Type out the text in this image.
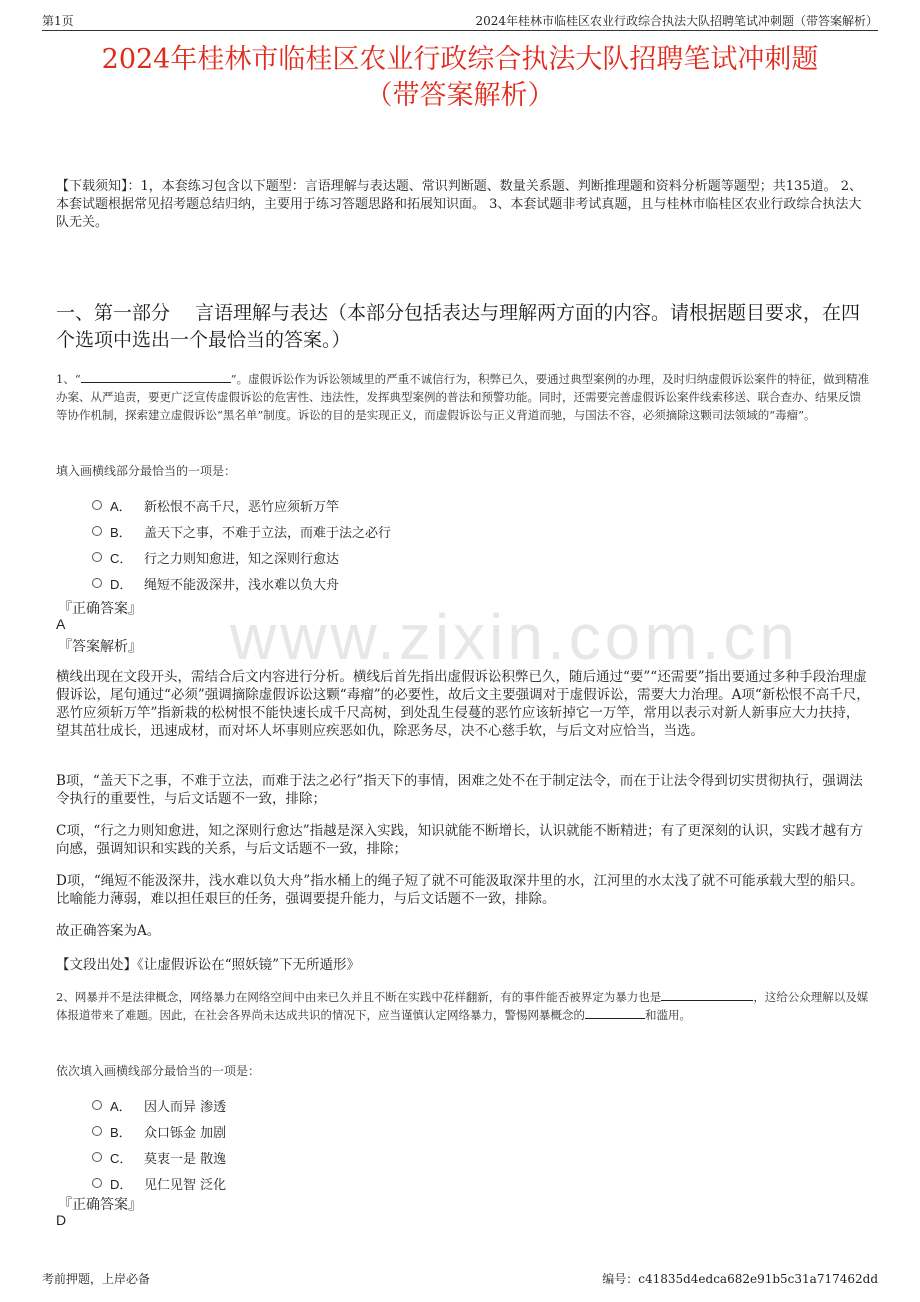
第1页	2024年桂林市临桂区农业行政综合执法大队招聘笔试冲刺题（带答案解析）
2024年桂林市临桂区农业行政综合执法大队招聘笔试冲刺题
（带答案解析）
【下载须知】：1，本套练习包含以下题型：言语理解与表达题、常识判断题、数量关系题、判断推理题和资料分析题等题型；共135道。 2、本套试题根据常见招考题总结归纳，主要用于练习答题思路和拓展知识面。 3、本套试题非考试真题，且与桂林市临桂区农业行政综合执法大队无关。
一、第一部分　 言语理解与表达（本部分包括表达与理解两方面的内容。请根据题目要求，在四个选项中选出一个最恰当的答案。）
1、“	”。虚假诉讼作为诉讼领域里的严重不诚信行为，积弊已久，要通过典型案例的办理，及时归纳虚假诉讼案件的特征，做到精准办案、从严追责，要更广泛宣传虚假诉讼的危害性、违法性，发挥典型案例的普法和预警功能。同时，还需要完善虚假诉讼案件线索移送、联合查办、结果反馈等协作机制，探索建立虚假诉讼“黑名单”制度。诉讼的目的是实现正义，而虚假诉讼与正义背道而驰，与国法不容，必须摘除这颗司法领域的“毒瘤”。
填入画横线部分最恰当的一项是：
A． 新松恨不高千尺，恶竹应须斩万竿
B． 盖天下之事，不难于立法，而难于法之必行
C． 行之力则知愈进，知之深则行愈达
D． 绳短不能汲深井，浅水难以负大舟
『正确答案』
A
『答案解析』
横线出现在文段开头，需结合后文内容进行分析。横线后首先指出虚假诉讼积弊已久，随后通过“要”“还需要”指出要通过多种手段治理虚假诉讼，尾句通过“必须”强调摘除虚假诉讼这颗“毒瘤”的必要性，故后文主要强调对于虚假诉讼，需要大力治理。A项“新松恨不高千尺，恶竹应须斩万竿”指新栽的松树恨不能快速长成千尺高树，到处乱生侵蔓的恶竹应该斩掉它一万竿，常用以表示对新人新事应大力扶持，望其茁壮成长，迅速成材，而对坏人坏事则应疾恶如仇，除恶务尽，决不心慈手软，与后文对应恰当，当选。
B项，“盖天下之事，不难于立法，而难于法之必行”指天下的事情，困难之处不在于制定法令，而在于让法令得到切实贯彻执行，强调法令执行的重要性，与后文话题不一致，排除；
C项，“行之力则知愈进，知之深则行愈达”指越是深入实践，知识就能不断增长，认识就能不断精进；有了更深刻的认识，实践才越有方向感，强调知识和实践的关系，与后文话题不一致，排除；
D项，“绳短不能汲深井，浅水难以负大舟”指水桶上的绳子短了就不可能汲取深井里的水，江河里的水太浅了就不可能承载大型的船只。比喻能力薄弱，难以担任艰巨的任务，强调要提升能力，与后文话题不一致，排除。
故正确答案为A。
【文段出处】《让虚假诉讼在“照妖镜”下无所遁形》
2、网暴并不是法律概念，网络暴力在网络空间中由来已久并且不断在实践中花样翻新，有的事件能否被界定为暴力也是	，这给公众理解以及媒体报道带来了难题。因此，在社会各界尚未达成共识的情况下，应当谨慎认定网络暴力，警惕网暴概念的	和滥用。
依次填入画横线部分最恰当的一项是：
A． 因人而异 渗透
B． 众口铄金 加剧
C． 莫衷一是 散逸
D． 见仁见智 泛化
『正确答案』
D
www.zixin.com.cn
考前押题，上岸必备	编号：c41835d4edca682e91b5c31a717462dd
